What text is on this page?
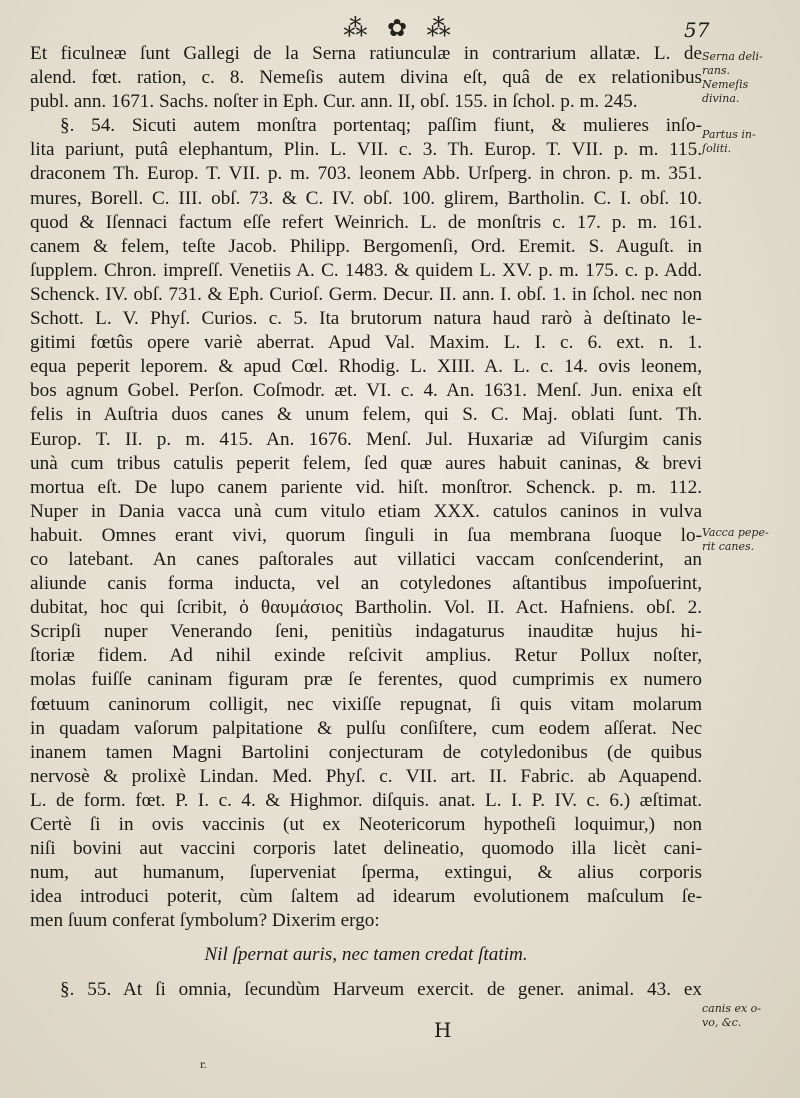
⁂ ✿ ⁂	57
Et ficulneæ ſunt Gallegi de la Serna ratiunculæ in contrarium allatæ. L. de
alend. fœt. ration, c. 8. Nemeſis autem divina eſt, quâ de ex relationibus
publ. ann. 1671. Sachs. noſter in Eph. Cur. ann. II, obſ. 155. in ſchol. p. m. 245.
§. 54. Sicuti autem monſtra portentaq; paſſim fiunt, & mulieres inſo-
lita pariunt, putâ elephantum, Plin. L. VII. c. 3. Th. Europ. T. VII. p. m. 115.
draconem Th. Europ. T. VII. p. m. 703. leonem Abb. Urſperg. in chron. p. m. 351.
mures, Borell. C. III. obſ. 73. & C. IV. obſ. 100. glirem, Bartholin. C. I. obſ. 10.
quod & Iſennaci factum eſſe refert Weinrich. L. de monſtris c. 17. p. m. 161.
canem & felem, teſte Jacob. Philipp. Bergomenſi, Ord. Eremit. S. Auguſt. in
ſupplem. Chron. impreſſ. Venetiis A. C. 1483. & quidem L. XV. p. m. 175. c. p. Add.
Schenck. IV. obſ. 731. & Eph. Curioſ. Germ. Decur. II. ann. I. obſ. 1. in ſchol. nec non
Schott. L. V. Phyſ. Curios. c. 5. Ita brutorum natura haud rarò à deſtinato le-
gitimi fœtûs opere variè aberrat. Apud Val. Maxim. L. I. c. 6. ext. n. 1.
equa peperit leporem. & apud Cœl. Rhodig. L. XIII. A. L. c. 14. ovis leonem,
bos agnum Gobel. Perſon. Coſmodr. æt. VI. c. 4. An. 1631. Menſ. Jun. enixa eſt
felis in Auſtria duos canes & unum felem, qui S. C. Maj. oblati ſunt. Th.
Europ. T. II. p. m. 415. An. 1676. Menſ. Jul. Huxariæ ad Viſurgim canis
unà cum tribus catulis peperit felem, ſed quæ aures habuit caninas, & brevi
mortua eſt. De lupo canem pariente vid. hiſt. monſtror. Schenck. p. m. 112.
Nuper in Dania vacca unà cum vitulo etiam XXX. catulos caninos in vulva
habuit. Omnes erant vivi, quorum ſinguli in ſua membrana ſuoque lo-
co latebant. An canes paſtorales aut villatici vaccam conſcenderint, an
aliunde canis forma inducta, vel an cotyledones aſtantibus impoſuerint,
dubitat, hoc qui ſcribit, ὁ θαυμάσιος Bartholin. Vol. II. Act. Hafniens. obſ. 2.
Scripſi nuper Venerando ſeni, penitiùs indagaturus inauditæ hujus hi-
ſtoriæ fidem. Ad nihil exinde reſcivit amplius. Retur Pollux noſter,
molas fuiſſe caninam figuram præ ſe ferentes, quod cumprimis ex numero
fœtuum caninorum colligit, nec vixiſſe repugnat, ſi quis vitam molarum
in quadam vaſorum palpitatione & pulſu conſiſtere, cum eodem aſſerat. Nec
inanem tamen Magni Bartolini conjecturam de cotyledonibus (de quibus
nervosè & prolixè Lindan. Med. Phyſ. c. VII. art. II. Fabric. ab Aquapend.
L. de form. fœt. P. I. c. 4. & Highmor. diſquis. anat. L. I. P. IV. c. 6.) æſtimat.
Certè ſi in ovis vaccinis (ut ex Neotericorum hypotheſi loquimur,) non
niſi bovini aut vaccini corporis latet delineatio, quomodo illa licèt cani-
num, aut humanum, ſuperveniat ſperma, extingui, & alius corporis
idea introduci poterit, cùm ſaltem ad idearum evolutionem maſculum ſe-
men ſuum conferat ſymbolum? Dixerim ergo:
Nil ſpernat auris, nec tamen credat ſtatim.
§. 55. At ſi omnia, ſecundùm Harveum exercit. de gener. animal. 43. ex
Serna deli-
rans.
Nemeſis
divina.
Partus in-
ſoliti.
Vacca pepe-
rit canes.
canis ex o-
vo, &c.
H
r.
